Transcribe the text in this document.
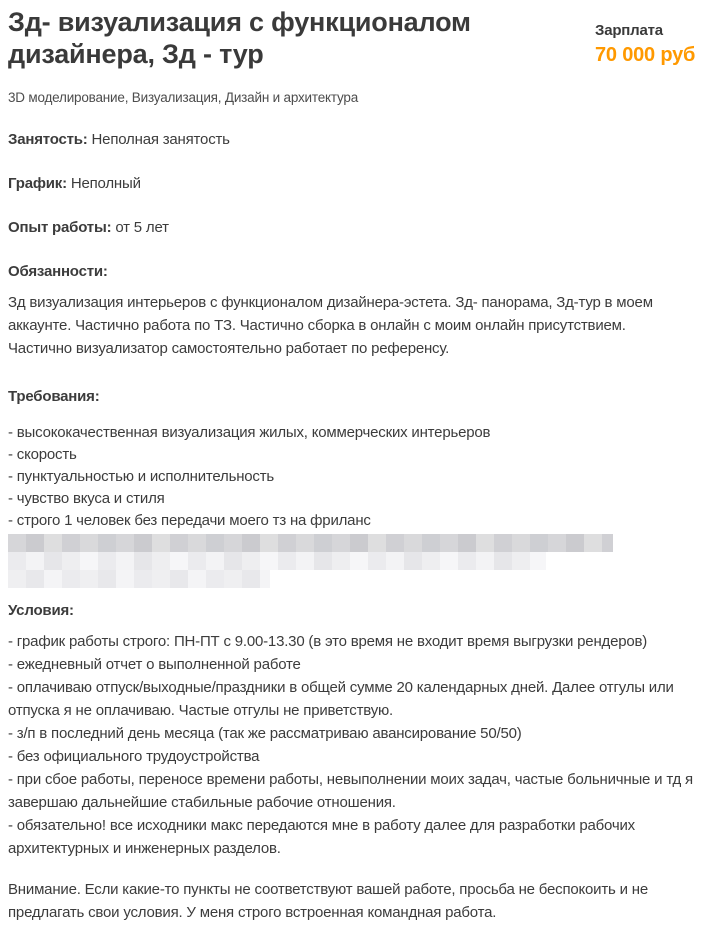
Зд- визуализация с функционалом дизайнера, Зд - тур
Зарплата
70 000 руб
3D моделирование, Визуализация, Дизайн и архитектура
Занятость: Неполная занятость
График: Неполный
Опыт работы: от 5 лет
Обязанности:

Зд визуализация интерьеров с функционалом дизайнера-эстета. Зд- панорама, Зд-тур в моем аккаунте. Частично работа по ТЗ. Частично сборка в онлайн с моим онлайн присутствием. Частично визуализатор самостоятельно работает по референсу.

Требования:
- высококачественная визуализация жилых, коммерческих интерьеров
- скорость
- пунктуальностью и исполнительность
- чувство вкуса и стиля
- строго 1 человек без передачи моего тз на фриланс
Условия:
- график работы строго: ПН-ПТ с 9.00-13.30 (в это время не входит время выгрузки рендеров)
- ежедневный отчет о выполненной работе
- оплачиваю отпуск/выходные/праздники в общей сумме 20 календарных дней. Далее отгулы или отпуска я не оплачиваю. Частые отгулы не приветствую.
- з/п в последний день месяца (так же рассматриваю авансирование 50/50)
- без официального трудоустройства
- при сбое работы, переносе времени работы, невыполнении моих задач, частые больничные и тд я завершаю дальнейшие стабильные рабочие отношения.
- обязательно! все исходники макс передаются мне в работу далее для разработки рабочих архитектурных и инженерных разделов.

Внимание. Если какие-то пункты не соответствуют вашей работе, просьба не беспокоить и не предлагать свои условия. У меня строго встроенная командная работа.
